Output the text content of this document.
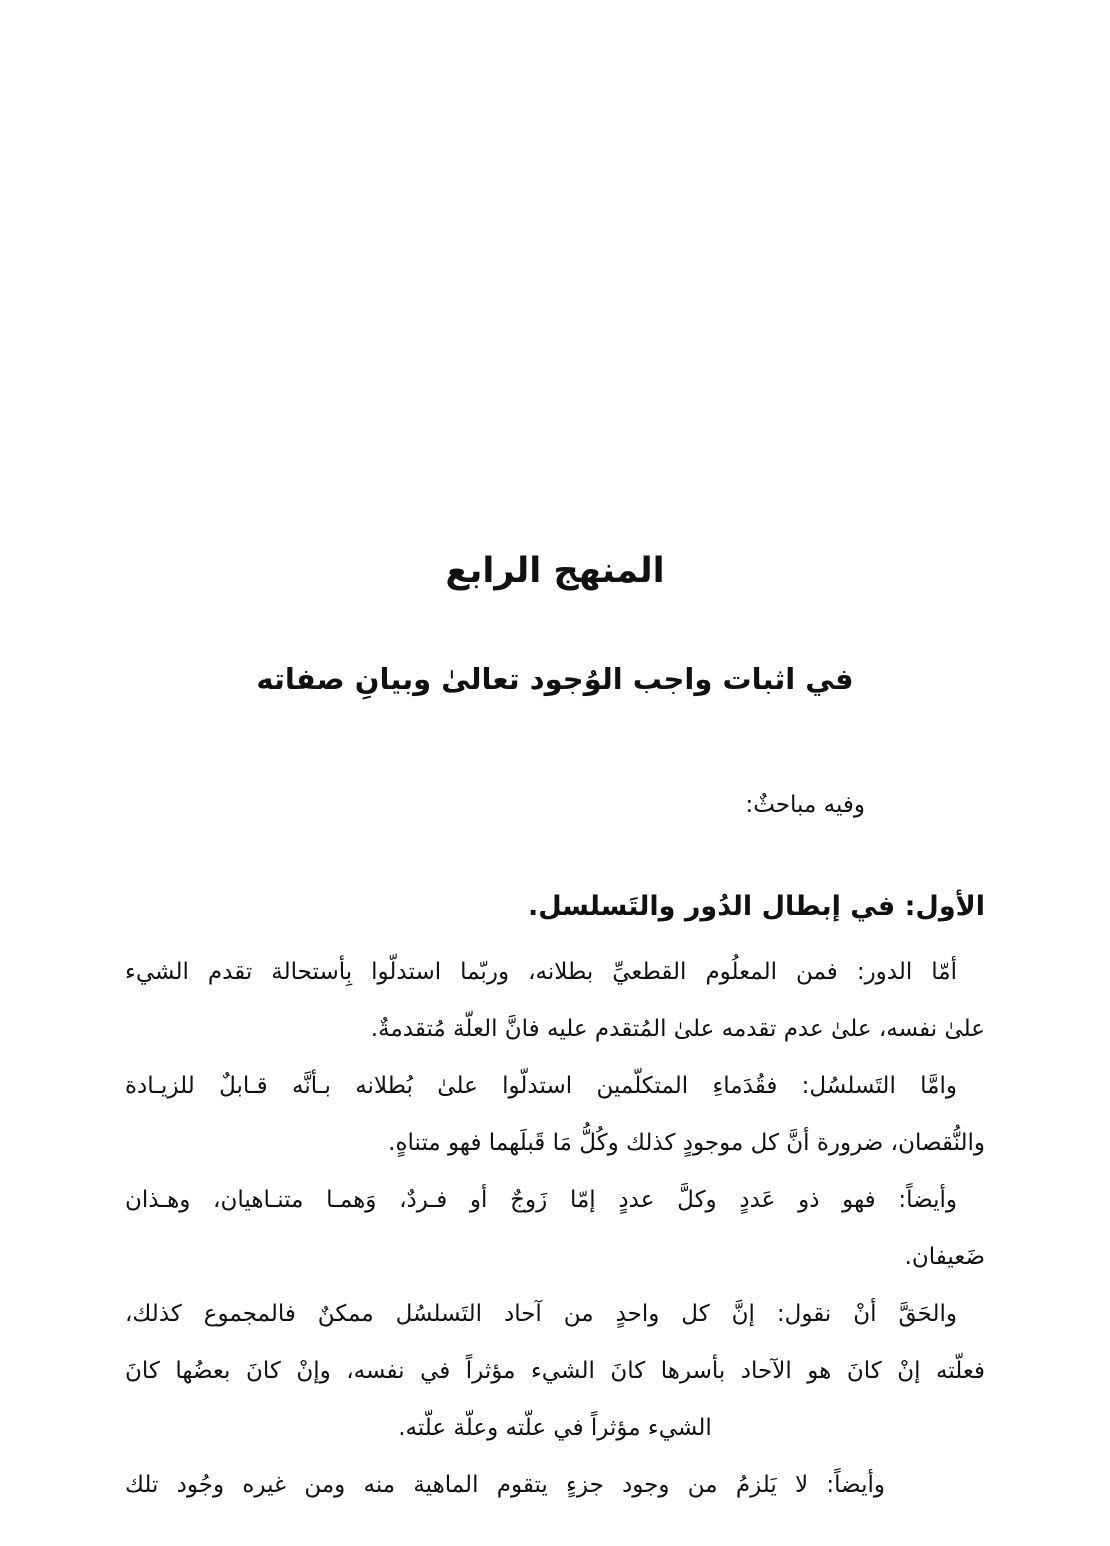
المنهج الرابع
في اثبات واجب الوُجود تعالىٰ وبيانِ صفاته
وفيه مباحثٌ:
الأول: في إبطال الدُور والتَسلسل.
أمّا الدور: فمن المعلُوم القطعيِّ بطلانه، وربّما استدلّوا بِأستحالة تقدم الشيء
علىٰ نفسه، علىٰ عدم تقدمه علىٰ المُتقدم عليه فانَّ العلّة مُتقدمةٌ.
وامَّا التَسلسُل: فقُدَماءِ المتكلّمين استدلّوا علىٰ بُطلانه بـأنَّه قـابلٌ للزيـادة
والنُّقصان، ضرورة أنَّ كل موجودٍ كذلك وكُلُّ مَا قَبلَهما فهو متناهٍ.
وأيضاً: فهو ذو عَددٍ وكلَّ عددٍ إمّا زَوجٌ أو فـردٌ، وَهمـا متنـاهيان، وهـذان
ضَعيفان.
والحَقَّ أنْ نقول: إنَّ كل واحدٍ من آحاد التَسلسُل ممكنٌ فالمجموع كذلك،
فعلّته إنْ كانَ هو الآحاد بأسرها كانَ الشيء مؤثراً في نفسه، وإنْ كانَ بعضُها كانَ
الشيء مؤثراً في علّته وعلّة علّته.
وأيضاً: لا يَلزمُ من وجود جزءٍ يتقوم الماهية منه ومن غيره وجُود تلك
